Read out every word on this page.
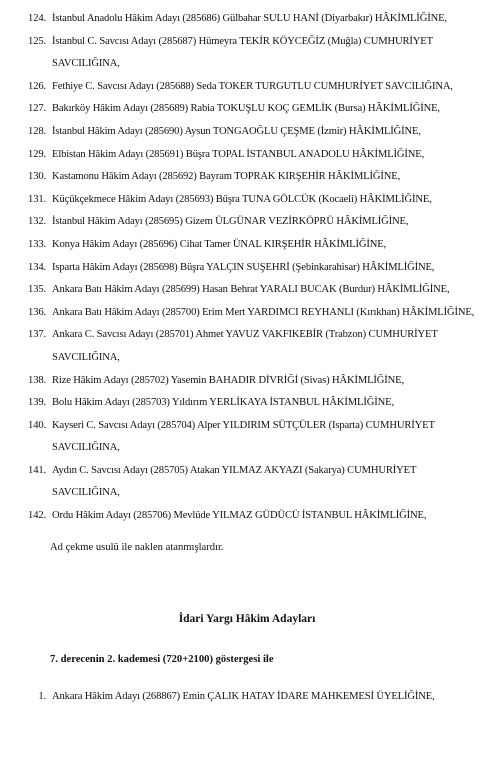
124. İstanbul Anadolu Hâkim Adayı (285686) Gülbahar SULU HANİ (Diyarbakır) HÂKİMLİĞİNE,
125. İstanbul C. Savcısı Adayı (285687) Hümeyra TEKİR KÖYCEĞİZ (Muğla) CUMHURİYET
SAVCILIĞINA,
126. Fethiye C. Savcısı Adayı (285688) Seda TOKER TURGUTLU CUMHURİYET SAVCILIĞINA,
127. Bakırköy Hâkim Adayı (285689) Rabia TOKUŞLU KOÇ GEMLİK (Bursa) HÂKİMLİĞİNE,
128. İstanbul Hâkim Adayı (285690) Aysun TONGAOĞLU ÇEŞME (İzmir) HÂKİMLİĞİNE,
129. Elbistan Hâkim Adayı (285691) Büşra TOPAL İSTANBUL ANADOLU HÂKİMLİĞİNE,
130. Kastamonu Hâkim Adayı (285692) Bayram TOPRAK KIRŞEHİR HÂKİMLİĞİNE,
131. Küçükçekmece Hâkim Adayı (285693) Büşra TUNA GÖLCÜK (Kocaeli) HÂKİMLİĞİNE,
132. İstanbul Hâkim Adayı (285695) Gizem ÜLGÜNAR VEZİRKÖPRÜ HÂKİMLİĞİNE,
133. Konya Hâkim Adayı (285696) Cihat Tamer ÜNAL KIRŞEHİR HÂKİMLİĞİNE,
134. Isparta Hâkim Adayı (285698) Büşra YALÇIN SUŞEHRİ (Şebinkarahisar) HÂKİMLİĞİNE,
135. Ankara Batı Hâkim Adayı (285699) Hasan Behrat YARALI BUCAK (Burdur) HÂKİMLİĞİNE,
136. Ankara Batı Hâkim Adayı (285700) Erim Mert YARDIMCI REYHANLI (Kırıkhan) HÂKİMLİĞİNE,
137. Ankara C. Savcısı Adayı (285701) Ahmet YAVUZ VAKFIKEBİR (Trabzon) CUMHURİYET
SAVCILIĞINA,
138. Rize Hâkim Adayı (285702) Yasemin BAHADIR DİVRİĞİ (Sivas) HÂKİMLİĞİNE,
139. Bolu Hâkim Adayı (285703) Yıldırım YERLİKAYA İSTANBUL HÂKİMLİĞİNE,
140. Kayseri C. Savcısı Adayı (285704) Alper YILDIRIM SÜTÇÜLER (Isparta) CUMHURİYET
SAVCILIĞINA,
141. Aydın C. Savcısı Adayı (285705) Atakan YILMAZ AKYAZI (Sakarya) CUMHURİYET
SAVCILIĞINA,
142. Ordu Hâkim Adayı (285706) Mevlüde YILMAZ GÜDÜCÜ İSTANBUL HÂKİMLİĞİNE,
Ad çekme usulü ile naklen atanmışlardır.
İdari Yargı Hâkim Adayları
7. derecenin 2. kademesi (720+2100) göstergesi ile
1. Ankara Hâkim Adayı (268867) Emin ÇALIK HATAY İDARE MAHKEMESİ ÜYELİĞİNE,
